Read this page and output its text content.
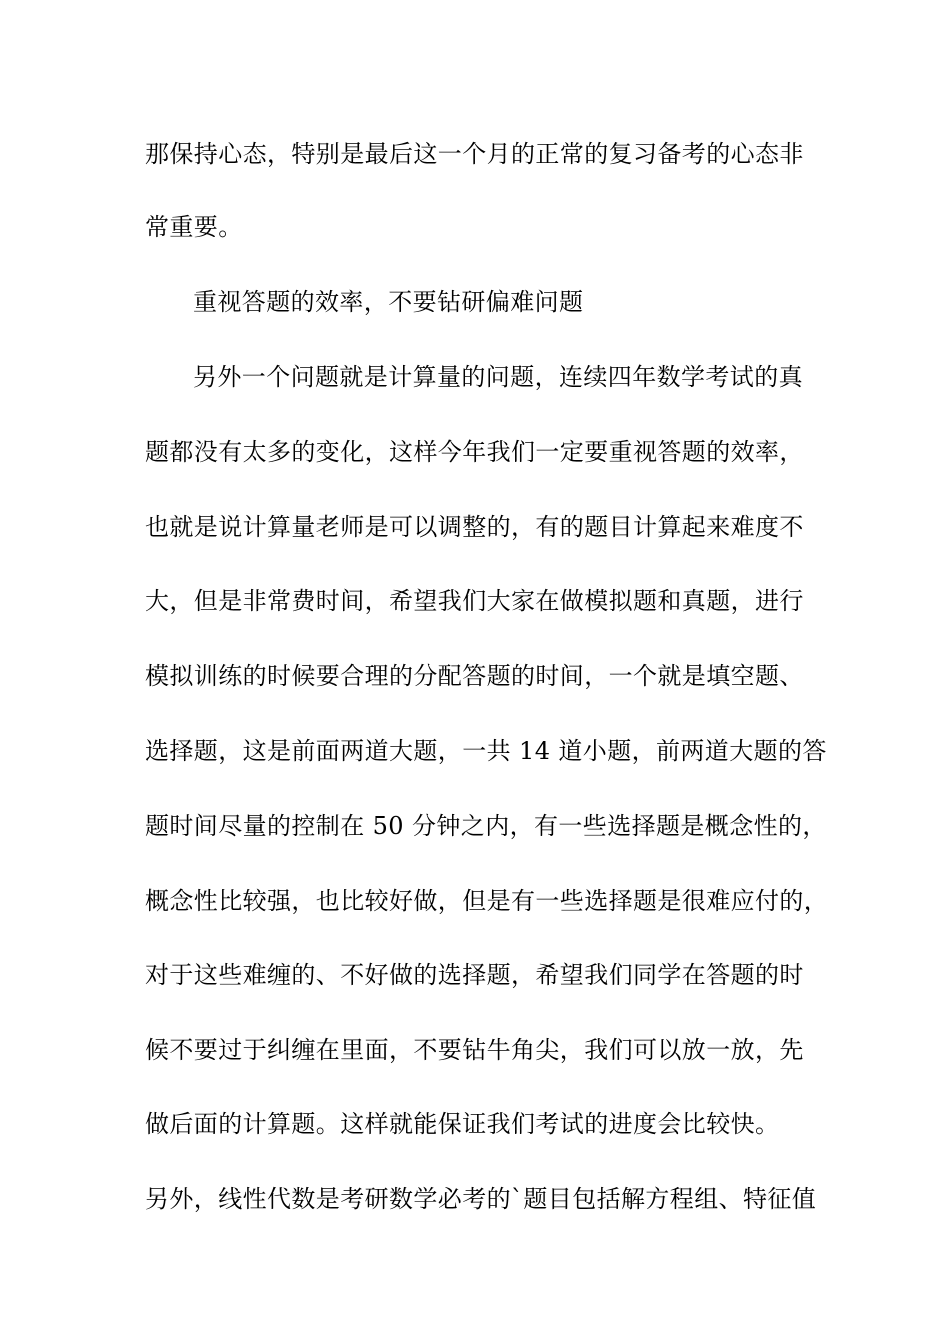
那保持心态，特别是最后这一个月的正常的复习备考的心态非
常重要。
重视答题的效率，不要钻研偏难问题
另外一个问题就是计算量的问题，连续四年数学考试的真
题都没有太多的变化，这样今年我们一定要重视答题的效率，
也就是说计算量老师是可以调整的，有的题目计算起来难度不
大，但是非常费时间，希望我们大家在做模拟题和真题，进行
模拟训练的时候要合理的分配答题的时间，一个就是填空题、
选择题，这是前面两道大题，一共 14 道小题，前两道大题的答
题时间尽量的控制在 50 分钟之内，有一些选择题是概念性的，
概念性比较强，也比较好做，但是有一些选择题是很难应付的，
对于这些难缠的、不好做的选择题，希望我们同学在答题的时
候不要过于纠缠在里面，不要钻牛角尖，我们可以放一放，先
做后面的计算题。这样就能保证我们考试的进度会比较快。
另外，线性代数是考研数学必考的`题目包括解方程组、特征值
